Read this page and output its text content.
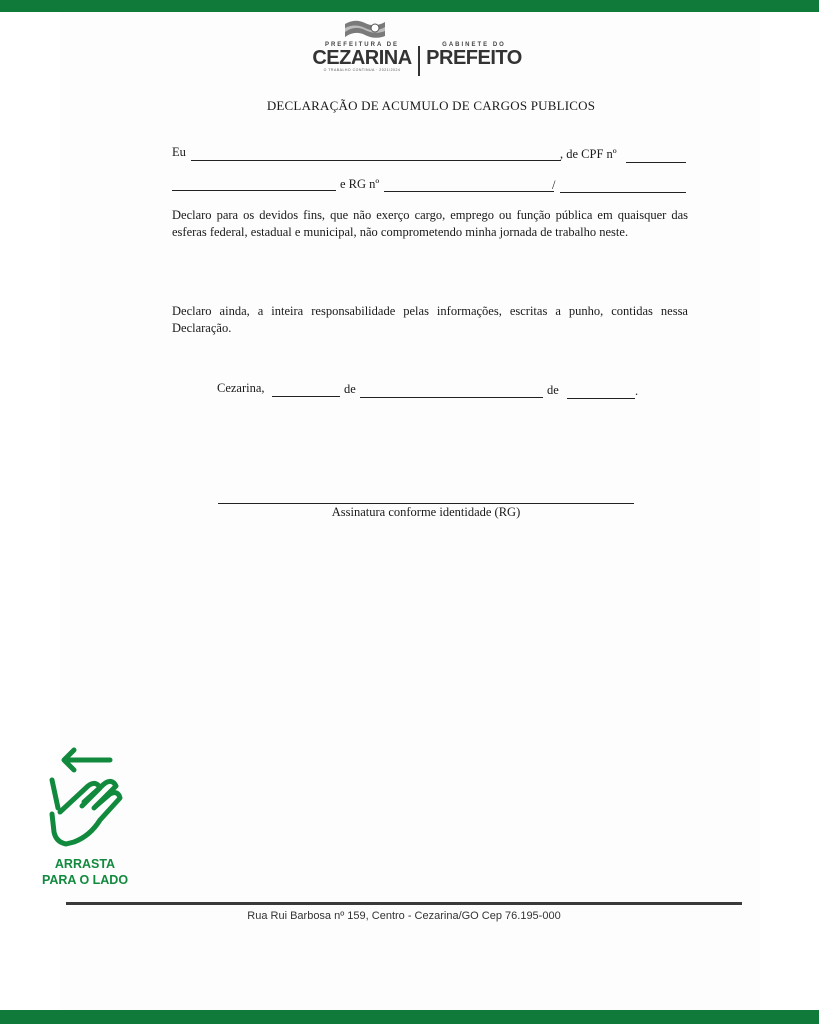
PREFEITURA DE
CEZARINA
O TRABALHO CONTINUA · 2021/2024
GABINETE DO
PREFEITO
DECLARAÇÃO DE ACUMULO DE CARGOS PUBLICOS
Eu	, de CPF nº
e RG nº	/
Declaro para os devidos fins, que não exerço cargo, emprego ou função pública em quaisquer das esferas federal, estadual e municipal, não comprometendo minha jornada de trabalho neste.
Declaro ainda, a inteira responsabilidade pelas informações, escritas a punho, contidas nessa Declaração.
Cezarina,	de	de	.
Assinatura conforme identidade (RG)
ARRASTA
PARA O LADO
Rua Rui Barbosa nº 159, Centro - Cezarina/GO Cep 76.195-000
